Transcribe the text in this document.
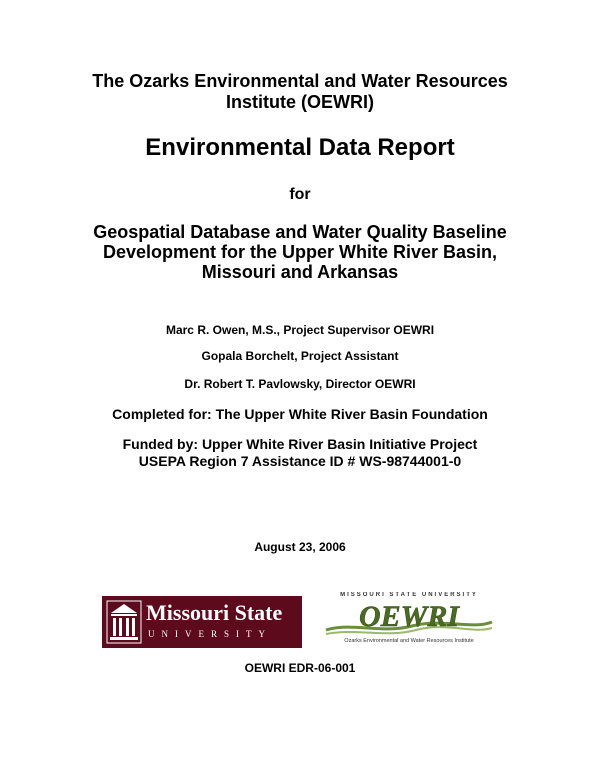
The Ozarks Environmental and Water Resources
Institute (OEWRI)
Environmental Data Report
for
Geospatial Database and Water Quality Baseline
Development for the Upper White River Basin,
Missouri and Arkansas
Marc R. Owen, M.S., Project Supervisor OEWRI
Gopala Borchelt, Project Assistant
Dr. Robert T. Pavlowsky, Director OEWRI
Completed for: The Upper White River Basin Foundation
Funded by: Upper White River Basin Initiative Project
USEPA Region 7 Assistance ID # WS-98744001-0
August 23, 2006
Missouri State
UNIVERSITY
MISSOURI STATE UNIVERSITY
OEWRI
Ozarks Environmental and Water Resources Institute
OEWRI EDR-06-001
